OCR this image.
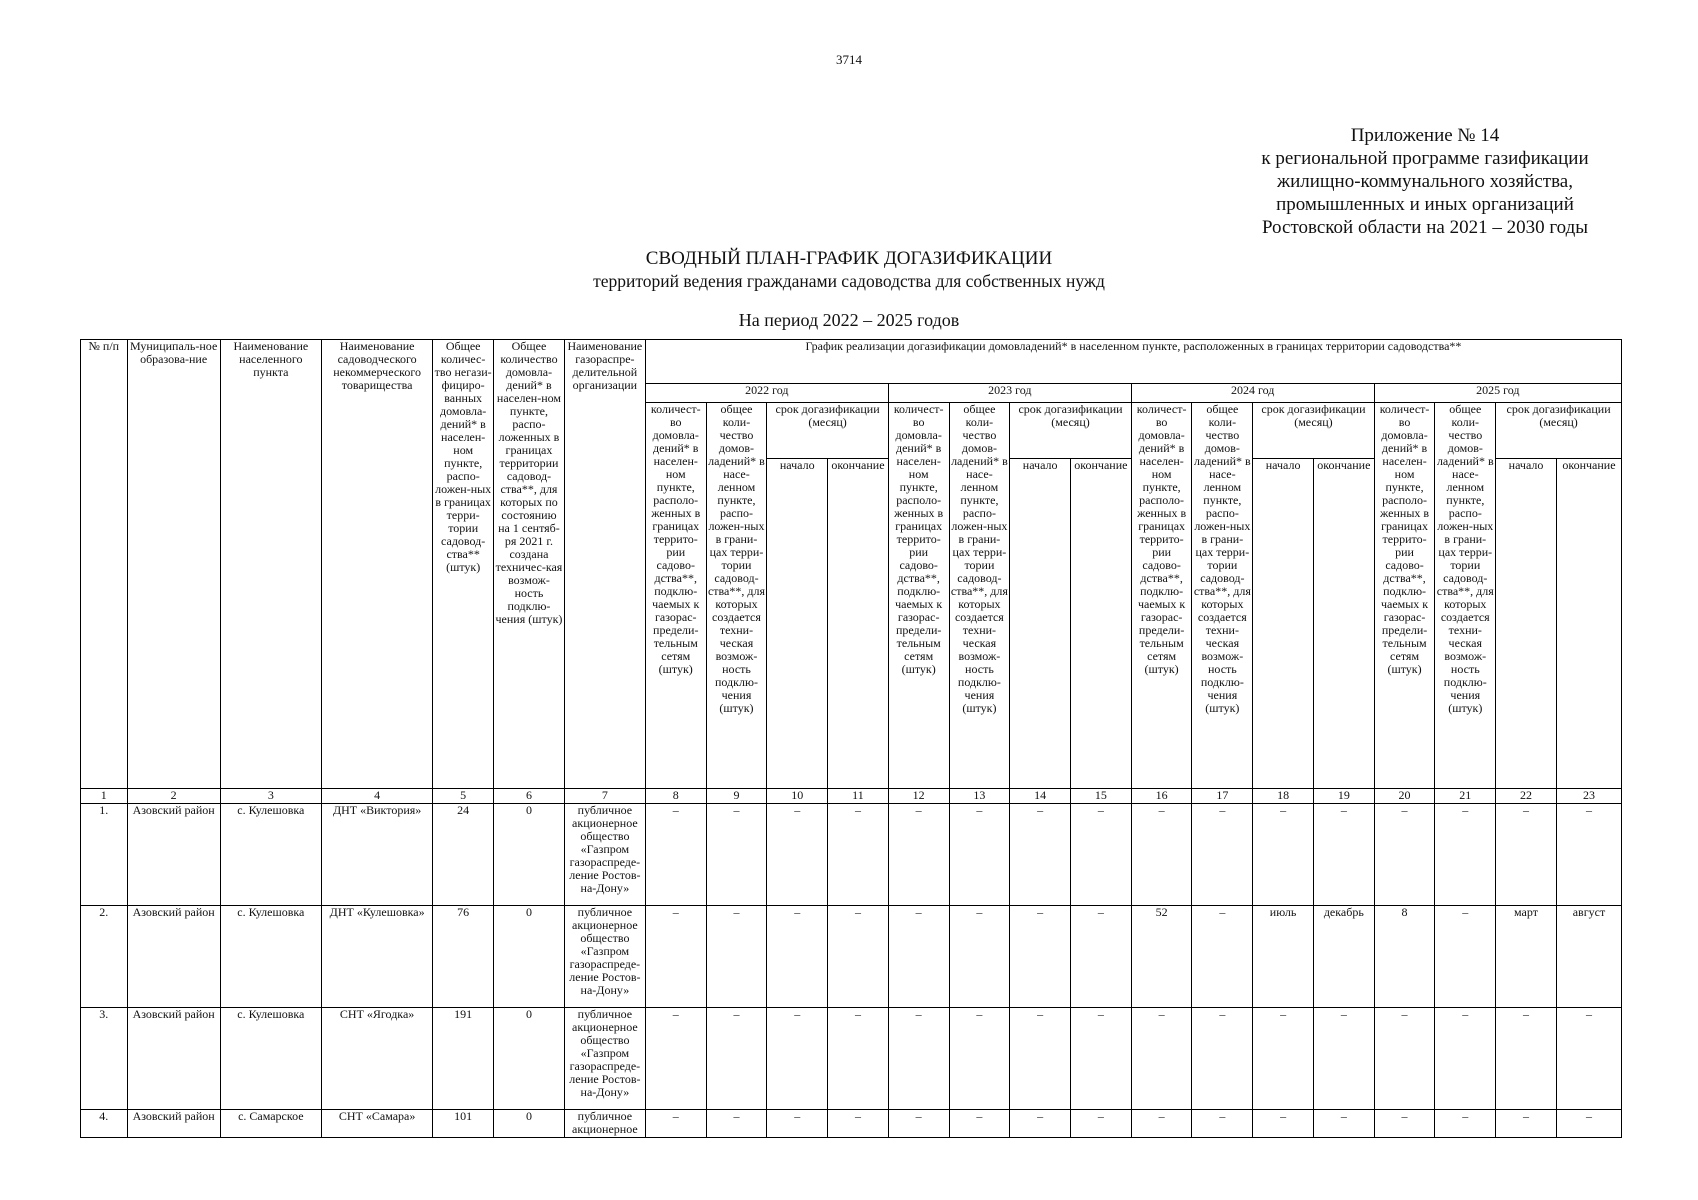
3714
Приложение № 14
к региональной программе газификации
жилищно-коммунального хозяйства,
промышленных и иных организаций
Ростовской области на 2021 – 2030 годы
СВОДНЫЙ ПЛАН-ГРАФИК ДОГАЗИФИКАЦИИ
территорий ведения гражданами садоводства для собственных нужд
На период 2022 – 2025 годов
№ п/п	Муниципаль-ное образова-ние	Наименование населенного пункта	Наименование садоводческого некоммерческого товарищества	Общее количес-тво негази-фициро-ванных домовла-дений* в населен-ном пункте, распо-ложен-ных в границах терри-тории садовод-ства** (штук)	Общее количество домовла-дений* в населен-ном пункте, распо-ложенных в границах территории садовод-ства**, для которых по состоянию на 1 сентяб-ря 2021 г. создана техничес-кая возмож-ность подклю-чения (штук)	Наименование газораспре-делительной организации	График реализации догазификации домовладений* в населенном пункте, расположенных в границах территории садоводства**															
							2022 год				2023 год				2024 год				2025 год			
							количест-во домовла-дений* в населен-ном пункте, располо-женных в границах террито-рии садово-дства**, подклю-чаемых к газорас-предели-тельным сетям (штук)	общее коли-чество домов-ладений* в насе-ленном пункте, распо-ложен-ных в грани-цах терри-тории садовод-ства**, для которых создается техни-ческая возмож-ность подклю-чения (штук)	срок догазификации (месяц)		количест-во домовла-дений* в населен-ном пункте, располо-женных в границах террито-рии садово-дства**, подклю-чаемых к газорас-предели-тельным сетям (штук)	общее коли-чество домов-ладений* в насе-ленном пункте, распо-ложен-ных в грани-цах терри-тории садовод-ства**, для которых создается техни-ческая возмож-ность подклю-чения (штук)	срок догазификации (месяц)		количест-во домовла-дений* в населен-ном пункте, располо-женных в границах террито-рии садово-дства**, подклю-чаемых к газорас-предели-тельным сетям (штук)	общее коли-чество домов-ладений* в насе-ленном пункте, распо-ложен-ных в грани-цах терри-тории садовод-ства**, для которых создается техни-ческая возмож-ность подклю-чения (штук)	срок догазификации (месяц)		количест-во домовла-дений* в населен-ном пункте, располо-женных в границах террито-рии садово-дства**, подклю-чаемых к газорас-предели-тельным сетям (штук)	общее коли-чество домов-ладений* в насе-ленном пункте, распо-ложен-ных в грани-цах терри-тории садовод-ства**, для которых создается техни-ческая возмож-ность подклю-чения (штук)	срок догазификации (месяц)	
									начало	окончание			начало	окончание			начало	окончание			начало	окончание

1	2	3	4	5	6	7	8	9	10	11	12	13	14	15	16	17	18	19	20	21	22	23
1.	Азовский район	с. Кулешовка	ДНТ «Виктория»	24	0	публичное акционерное общество «Газпром газораспреде-ление Ростов-на-Дону»	–	–	–	–	–	–	–	–	–	–	–	–	–	–	–	–
2.	Азовский район	с. Кулешовка	ДНТ «Кулешовка»	76	0	публичное акционерное общество «Газпром газораспреде-ление Ростов-на-Дону»	–	–	–	–	–	–	–	–	52	–	июль	декабрь	8	–	март	август
3.	Азовский район	с. Кулешовка	СНТ «Ягодка»	191	0	публичное акционерное общество «Газпром газораспреде-ление Ростов-на-Дону»	–	–	–	–	–	–	–	–	–	–	–	–	–	–	–	–
4.	Азовский район	с. Самарское	СНТ «Самара»	101	0	публичное акционерное	–	–	–	–	–	–	–	–	–	–	–	–	–	–	–	–
